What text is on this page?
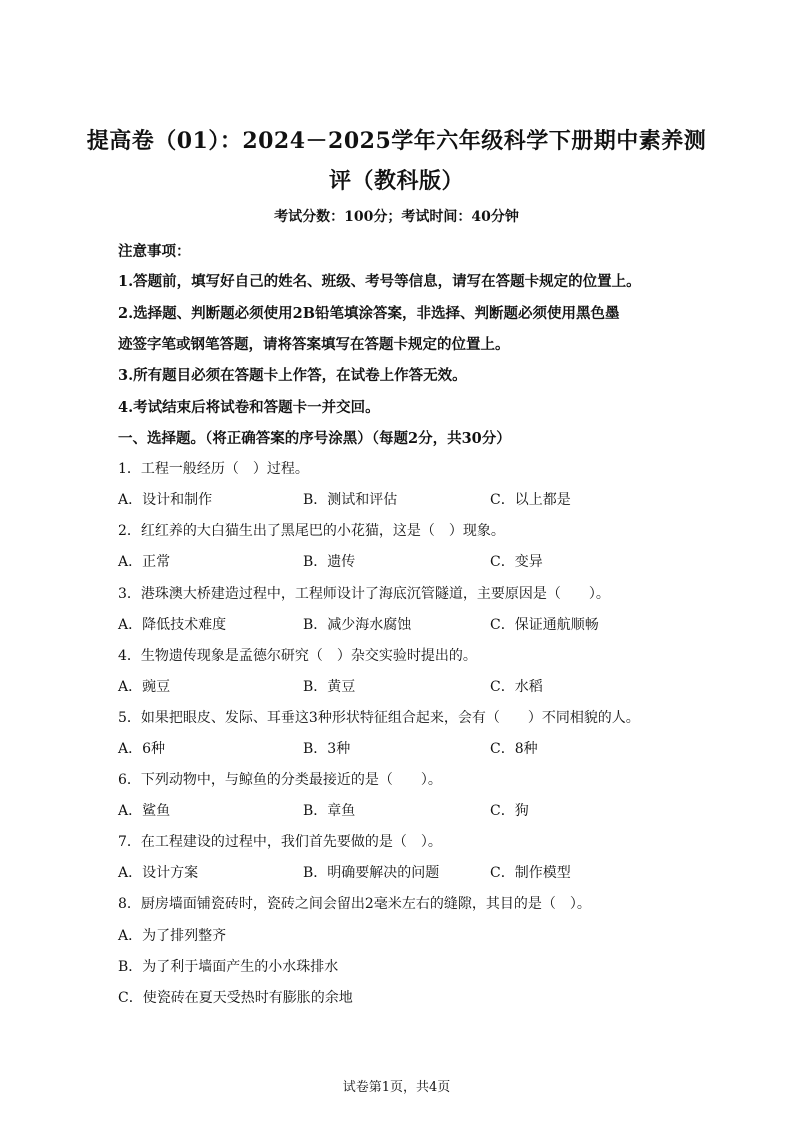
提高卷（01）：2024－2025学年六年级科学下册期中素养测
评（教科版）
考试分数：100分；考试时间：40分钟
注意事项：
1.答题前，填写好自己的姓名、班级、考号等信息，请写在答题卡规定的位置上。
2.选择题、判断题必须使用2B铅笔填涂答案，非选择、判断题必须使用黑色墨
迹签字笔或钢笔答题，请将答案填写在答题卡规定的位置上。
3.所有题目必须在答题卡上作答，在试卷上作答无效。
4.考试结束后将试卷和答题卡一并交回。
一、选择题。（将正确答案的序号涂黑）（每题2分，共30分）
1．工程一般经历（　）过程。
A．设计和制作	B．测试和评估	C．以上都是
2．红红养的大白猫生出了黑尾巴的小花猫，这是（　）现象。
A．正常	B．遗传	C．变异
3．港珠澳大桥建造过程中，工程师设计了海底沉管隧道，主要原因是（　　）。
A．降低技术难度	B．减少海水腐蚀	C．保证通航顺畅
4．生物遗传现象是孟德尔研究（　）杂交实验时提出的。
A．豌豆	B．黄豆	C．水稻
5．如果把眼皮、发际、耳垂这3种形状特征组合起来，会有（　　）不同相貌的人。
A．6种	B．3种	C．8种
6．下列动物中，与鲸鱼的分类最接近的是（　　）。
A．鲨鱼	B．章鱼	C．狗
7．在工程建设的过程中，我们首先要做的是（　）。
A．设计方案	B．明确要解决的问题	C．制作模型
8．厨房墙面铺瓷砖时，瓷砖之间会留出2毫米左右的缝隙，其目的是（　）。
A．为了排列整齐
B．为了利于墙面产生的小水珠排水
C．使瓷砖在夏天受热时有膨胀的余地
试卷第1页，共4页
